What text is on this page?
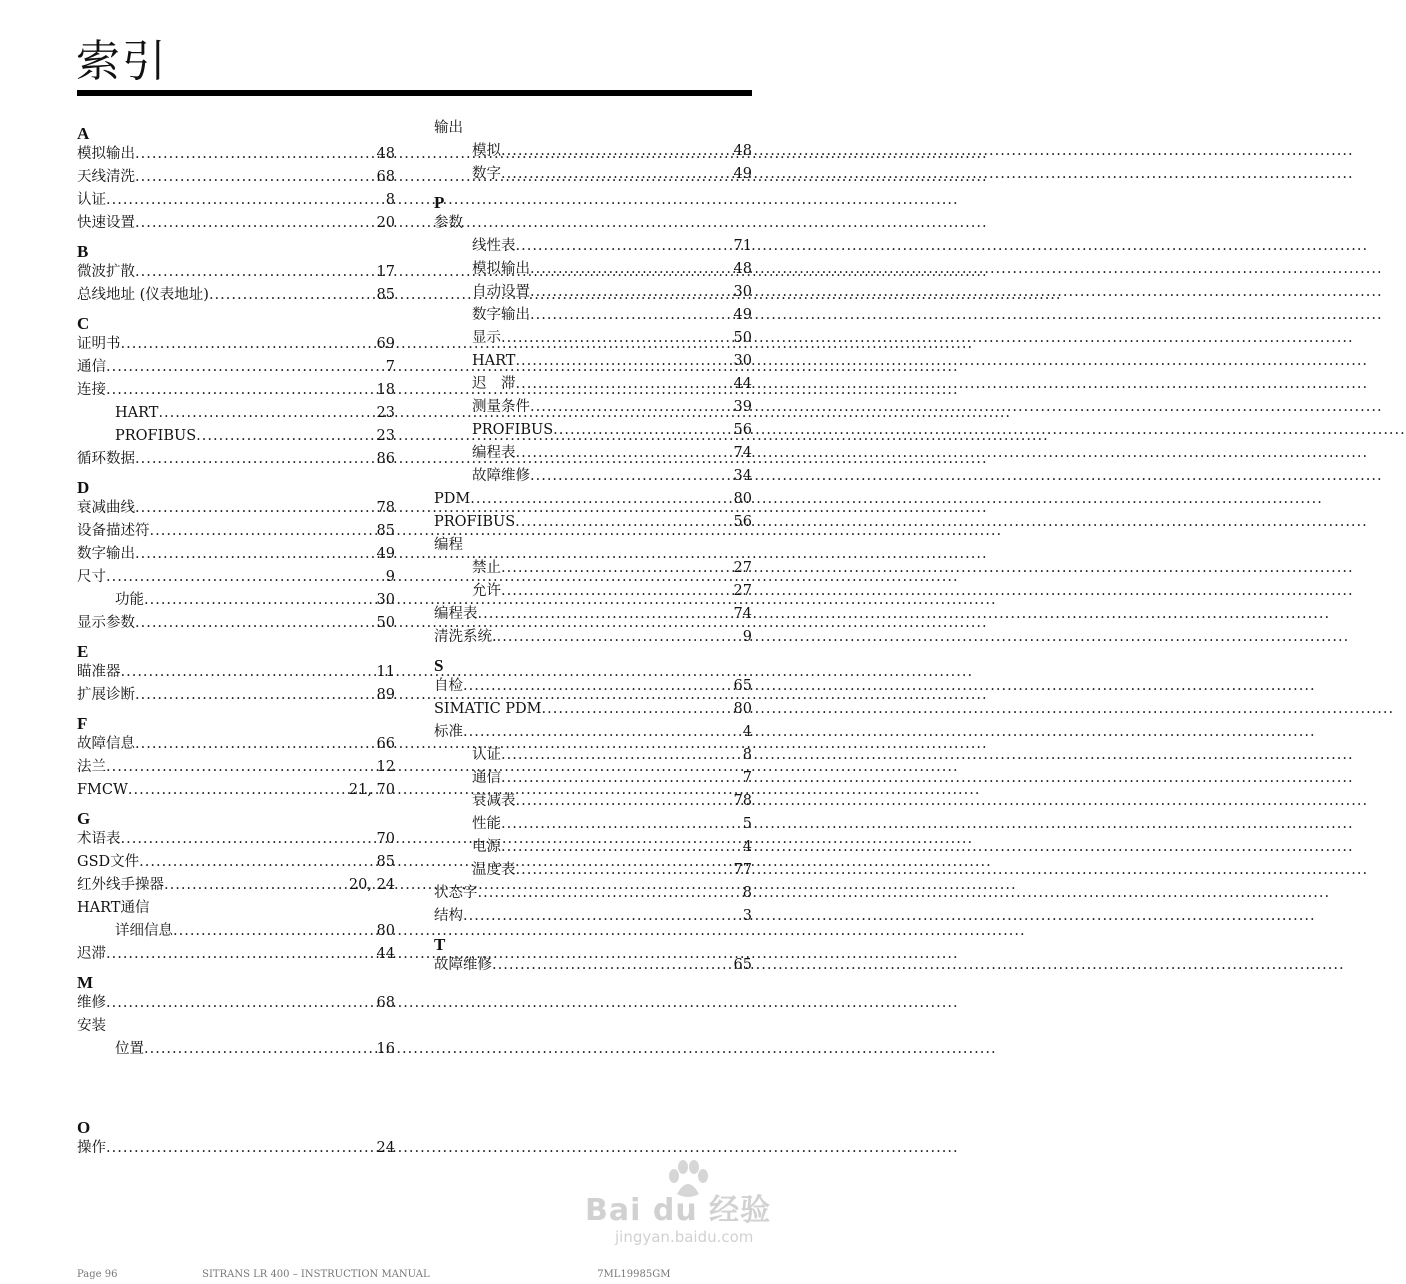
索引
A
模拟输出 .....	48
天线清洗 .....	68
认证 .....	8
快速设置 .....	20
B
微波扩散 .....	17
总线地址 (仪表地址) .....	85
C
证明书 .....	69
通信 .....	7
连接 .....	18
HART .....	23
PROFIBUS .....	23
循环数据 .....	86
D
衰减曲线 .....	78
设备描述符 .....	85
数字输出 .....	49
尺寸 .....	9
功能 .....	30
显示参数 .....	50
E
瞄准器 .....	11
扩展诊断 .....	89
F
故障信息 .....	66
法兰 .....	12
FMCW .....	21, 70
G
术语表 .....	70
GSD文件 .....	85
红外线手操器 .....	20, 24
HART通信
详细信息 .....	80
迟滞 .....	44
M
维修 .....	68
安装
位置 .....	16
O
操作 .....	24
输出
模拟 .....	48
数字 .....	49
P
参数
线性表 .....	71
模拟输出 .....	48
自动设置 .....	30
数字输出 .....	49
显示 .....	50
HART .....	30
迟　滞 .....	44
测量条件 .....	39
PROFIBUS .....	56
编程表 .....	74
故障维修 .....	34
PDM .....	80
PROFIBUS .....	56
编程
禁止 .....	27
允许 .....	27
编程表 .....	74
清洗系统. .....	9
S
自检 .....	65
SIMATIC PDM .....	80
标准 .....	4
认证 .....	8
通信 .....	7
衰减表 .....	78
性能 .....	5
电源 .....	4
温度表 .....	77
状态字 .....	8
结构 .....	3
T
故障维修 .....	65
Page 96	SITRANS LR 400 – INSTRUCTION MANUAL	7ML19985GM
Bai du 经验
jingyan.baidu.com
